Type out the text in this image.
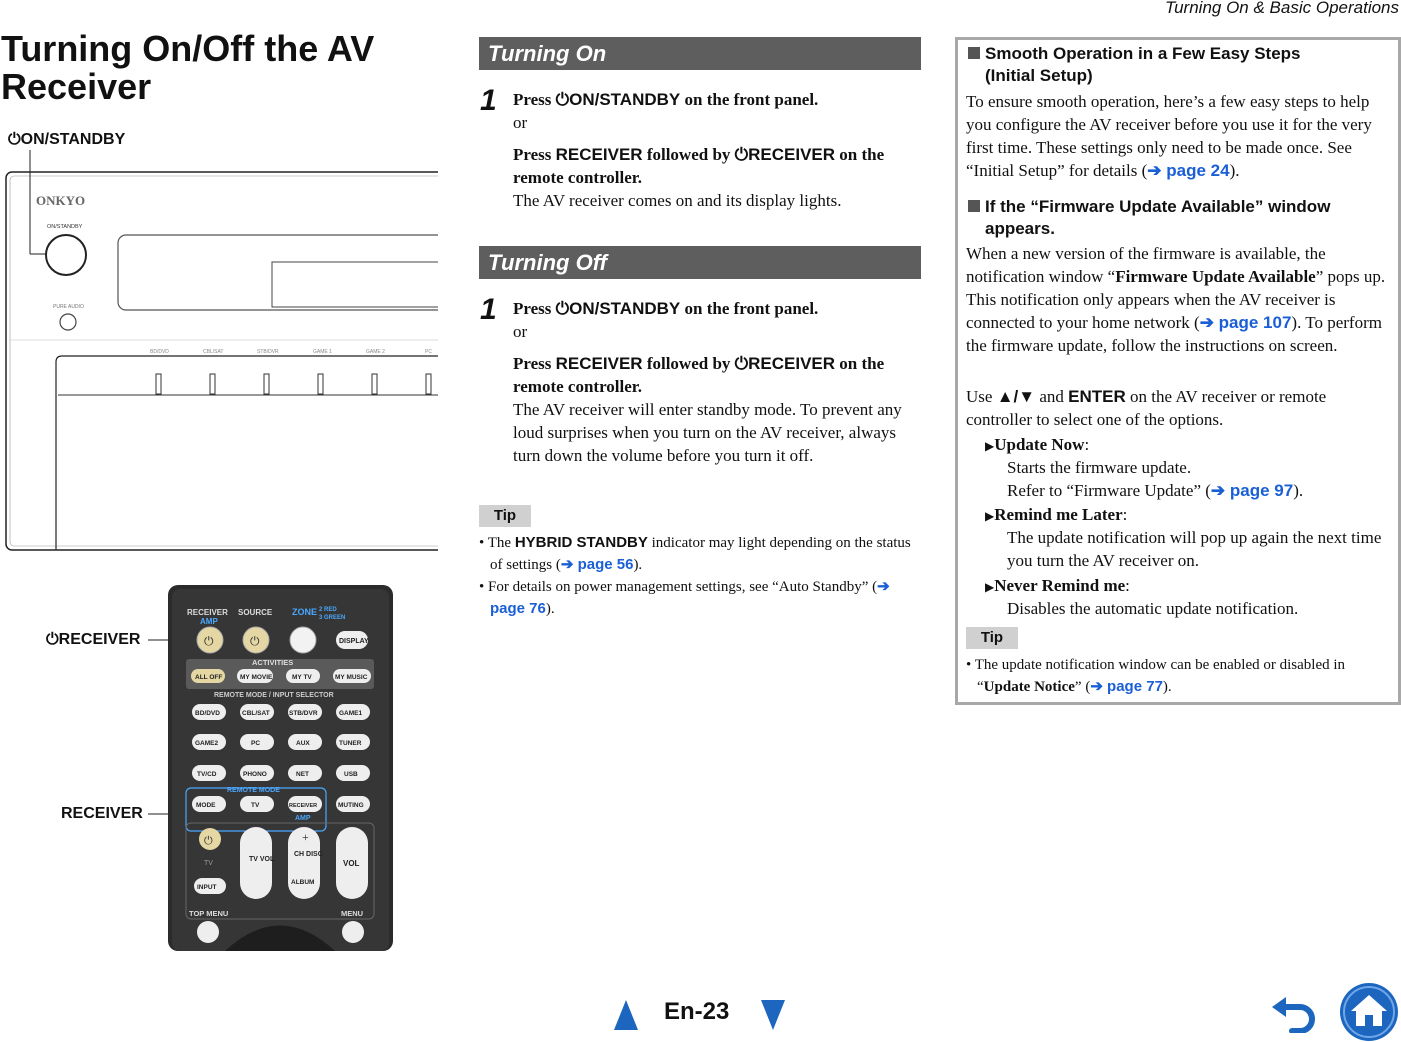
Turning On & Basic Operations
Turning On/Off the AV Receiver
⏻ON/STANDBY
ONKYO
ON/STANDBY
PURE AUDIO
BD/DVD	CBL/SAT	STB/DVR	GAME 1	GAME 2	PC
⏻RECEIVER
RECEIVER
RECEIVER
AMP
SOURCE ZONE 2 RED
3 GREEN
⏻	⏻	DISPLAY
ACTIVITIES
ALL OFF	MY MOVIE	MY TV	MY MUSIC
REMOTE MODE / INPUT SELECTOR
BD/DVD	CBL/SAT	STB/DVR	GAME1
GAME2	PC	AUX	TUNER
TV/CD	PHONO	NET	USB
REMOTE MODE
MODE	TV	RECEIVER	MUTING
AMP
⏻
TV
INPUT
TV VOL
+
CH DISC
ALBUM
VOL
TOP MENU	MENU
Turning On
1 Press ⏻ON/STANDBY on the front panel.
or
Press RECEIVER followed by ⏻RECEIVER on the remote controller.
The AV receiver comes on and its display lights.
Turning Off
1 Press ⏻ON/STANDBY on the front panel.
or
Press RECEIVER followed by ⏻RECEIVER on the remote controller.
The AV receiver will enter standby mode. To prevent any loud surprises when you turn on the AV receiver, always turn down the volume before you turn it off.
Tip
• The HYBRID STANDBY indicator may light depending on the status of settings (➔ page 56).
• For details on power management settings, see “Auto Standby” (➔ page 76).
Smooth Operation in a Few Easy Steps
(Initial Setup)
To ensure smooth operation, here’s a few easy steps to help you configure the AV receiver before you use it for the very first time. These settings only need to be made once. See “Initial Setup” for details (➔ page 24).
If the “Firmware Update Available” window
appears.
When a new version of the firmware is available, the notification window “Firmware Update Available” pops up. This notification only appears when the AV receiver is connected to your home network (➔ page 107). To perform the firmware update, follow the instructions on screen.
Use ▲/▼ and ENTER on the AV receiver or remote controller to select one of the options.
▶Update Now:
Starts the firmware update.
Refer to “Firmware Update” (➔ page 97).
▶Remind me Later:
The update notification will pop up again the next time you turn the AV receiver on.
▶Never Remind me:
Disables the automatic update notification.
Tip
• The update notification window can be enabled or disabled in “Update Notice” (➔ page 77).
En-23
